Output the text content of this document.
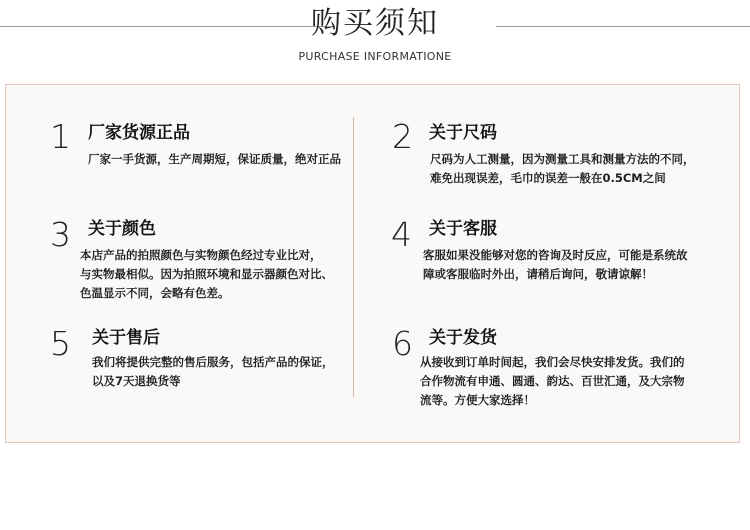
购买须知
PURCHASE INFORMATIONE
1 厂家货源正品
厂家一手货源，生产周期短，保证质量，绝对正品
2 关于尺码
尺码为人工测量，因为测量工具和测量方法的不同，
难免出现误差，毛巾的误差一般在0.5CM之间
3 关于颜色
本店产品的拍照颜色与实物颜色经过专业比对，
与实物最相似。因为拍照环境和显示器颜色对比、
色温显示不同，会略有色差。
4 关于客服
客服如果没能够对您的咨询及时反应，可能是系统故
障或客服临时外出，请稍后询问，敬请谅解！
5 关于售后
我们将提供完整的售后服务，包括产品的保证，
以及7天退换货等
6 关于发货
从接收到订单时间起，我们会尽快安排发货。我们的
合作物流有申通、圆通、韵达、百世汇通，及大宗物
流等。方便大家选择！
